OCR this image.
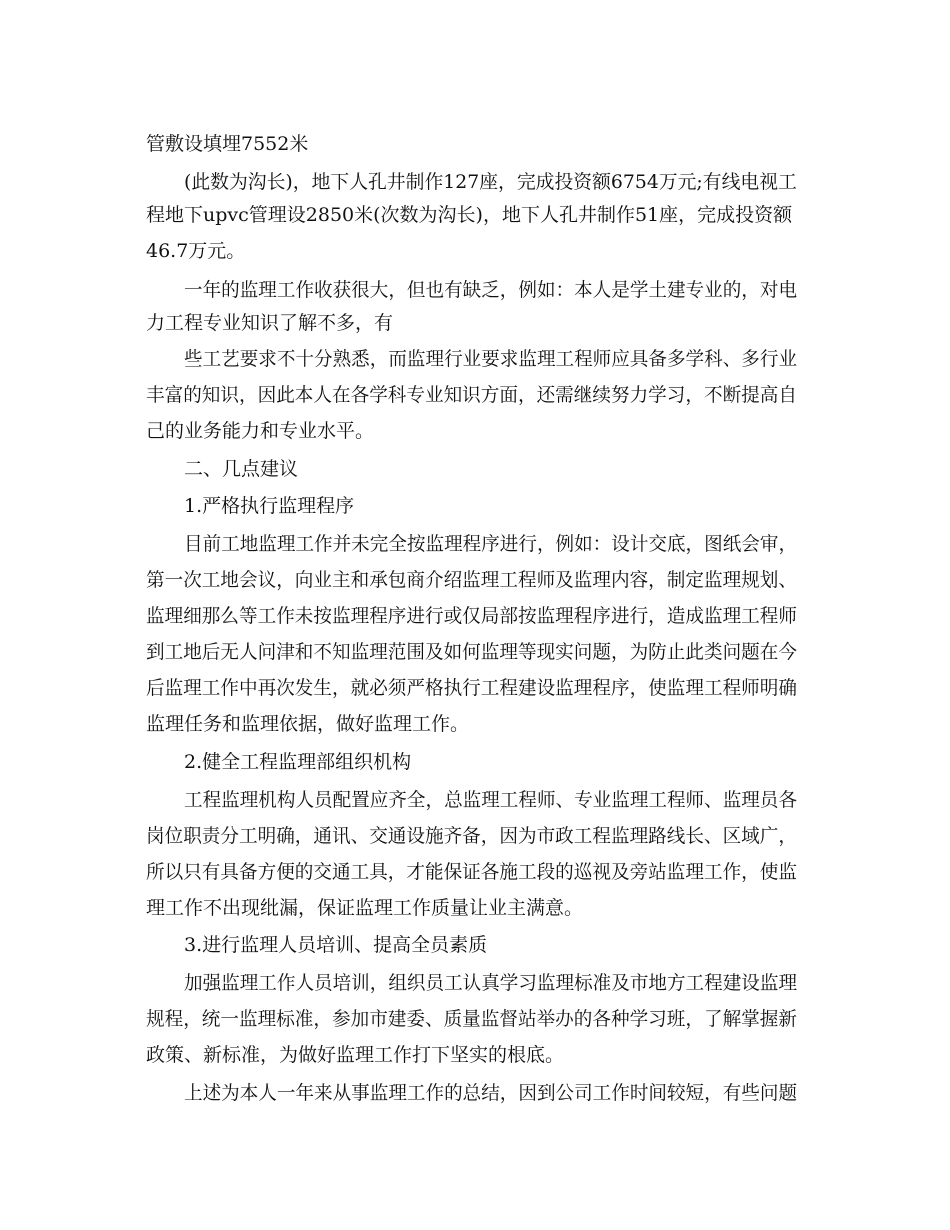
管敷设填埋7552米
(此数为沟长)，地下人孔井制作127座，完成投资额6754万元;有线电视工
程地下upvc管理设2850米(次数为沟长)，地下人孔井制作51座，完成投资额
46.7万元。
一年的监理工作收获很大，但也有缺乏，例如：本人是学土建专业的，对电
力工程专业知识了解不多，有
些工艺要求不十分熟悉，而监理行业要求监理工程师应具备多学科、多行业
丰富的知识，因此本人在各学科专业知识方面，还需继续努力学习，不断提高自
己的业务能力和专业水平。
二、几点建议
1.严格执行监理程序
目前工地监理工作并未完全按监理程序进行，例如：设计交底，图纸会审，
第一次工地会议，向业主和承包商介绍监理工程师及监理内容，制定监理规划、
监理细那么等工作未按监理程序进行或仅局部按监理程序进行，造成监理工程师
到工地后无人问津和不知监理范围及如何监理等现实问题，为防止此类问题在今
后监理工作中再次发生，就必须严格执行工程建设监理程序，使监理工程师明确
监理任务和监理依据，做好监理工作。
2.健全工程监理部组织机构
工程监理机构人员配置应齐全，总监理工程师、专业监理工程师、监理员各
岗位职责分工明确，通讯、交通设施齐备，因为市政工程监理路线长、区域广，
所以只有具备方便的交通工具，才能保证各施工段的巡视及旁站监理工作，使监
理工作不出现纰漏，保证监理工作质量让业主满意。
3.进行监理人员培训、提高全员素质
加强监理工作人员培训，组织员工认真学习监理标准及市地方工程建设监理
规程，统一监理标准，参加市建委、质量监督站举办的各种学习班，了解掌握新
政策、新标准，为做好监理工作打下坚实的根底。
上述为本人一年来从事监理工作的总结，因到公司工作时间较短，有些问题
